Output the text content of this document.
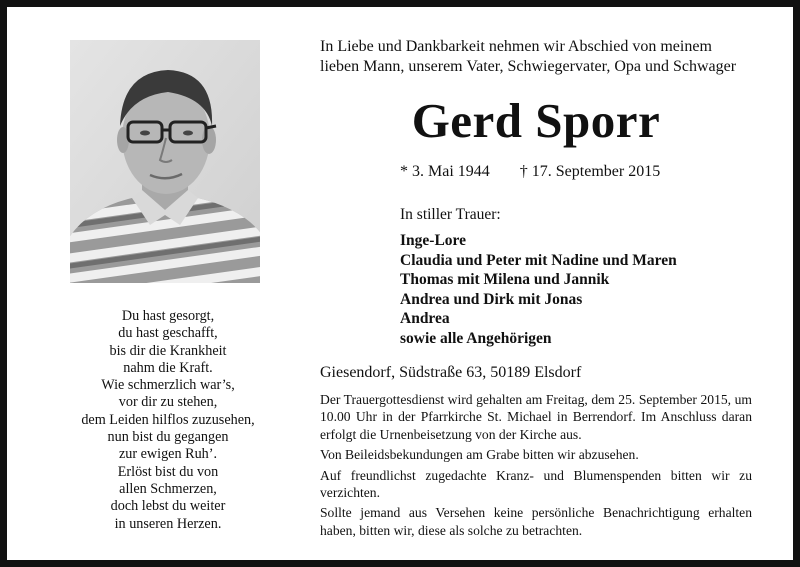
Du hast gesorgt,
du hast geschafft,
bis dir die Krankheit
nahm die Kraft.
Wie schmerzlich war’s,
vor dir zu stehen,
dem Leiden hilflos zuzusehen,
nun bist du gegangen
zur ewigen Ruh’.
Erlöst bist du von
allen Schmerzen,
doch lebst du weiter
in unseren Herzen.
In Liebe und Dankbarkeit nehmen wir Abschied von meinem
lieben Mann, unserem Vater, Schwiegervater, Opa und Schwager
Gerd Sporr
* 3. Mai 1944 † 17. September 2015
In stiller Trauer:
Inge-Lore
Claudia und Peter mit Nadine und Maren
Thomas mit Milena und Jannik
Andrea und Dirk mit Jonas
Andrea
sowie alle Angehörigen
Giesendorf, Südstraße 63, 50189 Elsdorf

Der Trauergottesdienst wird gehalten am Freitag, dem 25. September 2015, um 10.00 Uhr in der Pfarrkirche St. Michael in Berrendorf. Im Anschluss daran erfolgt die Urnenbeisetzung von der Kirche aus.

Von Beileidsbekundungen am Grabe bitten wir abzusehen.

Auf freundlichst zugedachte Kranz- und Blumenspenden bitten wir zu verzichten.

Sollte jemand aus Versehen keine persönliche Benachrichtigung erhalten haben, bitten wir, diese als solche zu betrachten.
